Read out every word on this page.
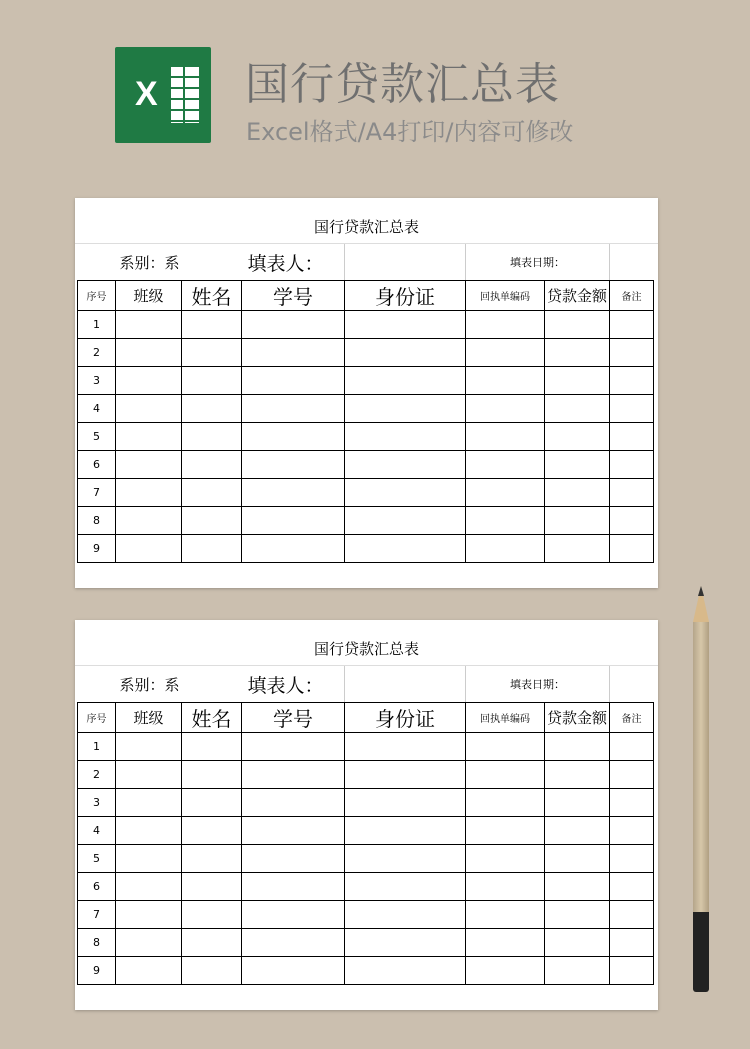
X 国行贷款汇总表
Excel格式/A4打印/内容可修改
国行贷款汇总表
	系别：系		填表人：		填表日期：		
序号	班级	姓名	学号	身份证	回执单编码	贷款金额	备注
1							
2							
3							
4							
5							
6							
7							
8							
9							
国行贷款汇总表
	系别：系		填表人：		填表日期：		
序号	班级	姓名	学号	身份证	回执单编码	贷款金额	备注
1							
2							
3							
4							
5							
6							
7							
8							
9							
